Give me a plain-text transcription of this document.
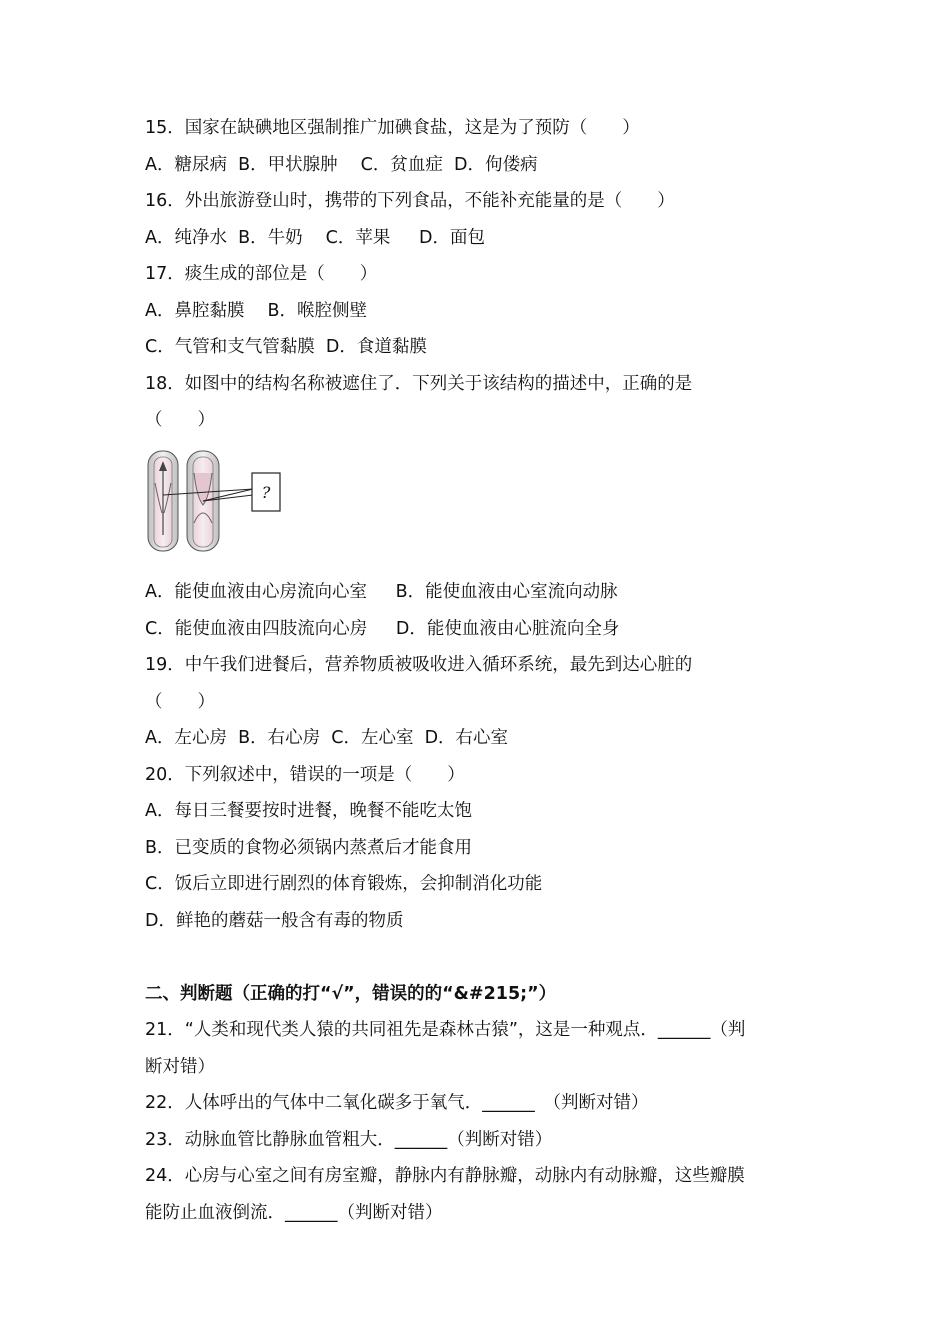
15．国家在缺碘地区强制推广加碘食盐，这是为了预防（　　）
A．糖尿病  B．甲状腺肿　 C．贫血症  D．佝偻病
16．外出旅游登山时，携带的下列食品，不能补充能量的是（　　）
A．纯净水  B．牛奶　 C．苹果　  D．面包
17．痰生成的部位是（　　）
A．鼻腔黏膜　 B．喉腔侧壁
C．气管和支气管黏膜  D．食道黏膜
18．如图中的结构名称被遮住了．下列关于该结构的描述中，正确的是
（　　）
?
A．能使血液由心房流向心室　  B．能使血液由心室流向动脉
C．能使血液由四肢流向心房　  D．能使血液由心脏流向全身
19．中午我们进餐后，营养物质被吸收进入循环系统，最先到达心脏的
（　　）
A．左心房  B．右心房  C．左心室  D．右心室
20．下列叙述中，错误的一项是（　　）
A．每日三餐要按时进餐，晚餐不能吃太饱
B．已变质的食物必须锅内蒸煮后才能食用
C．饭后立即进行剧烈的体育锻炼，会抑制消化功能
D．鲜艳的蘑菇一般含有毒的物质
二、判断题（正确的打“√”，错误的的“&#215;”）
21．“人类和现代类人猿的共同祖先是森林古猿”，这是一种观点．______（判
断对错）
22．人体呼出的气体中二氧化碳多于氧气．______　（判断对错）
23．动脉血管比静脉血管粗大．______（判断对错）
24．心房与心室之间有房室瓣，静脉内有静脉瓣，动脉内有动脉瓣，这些瓣膜
能防止血液倒流．______（判断对错）
